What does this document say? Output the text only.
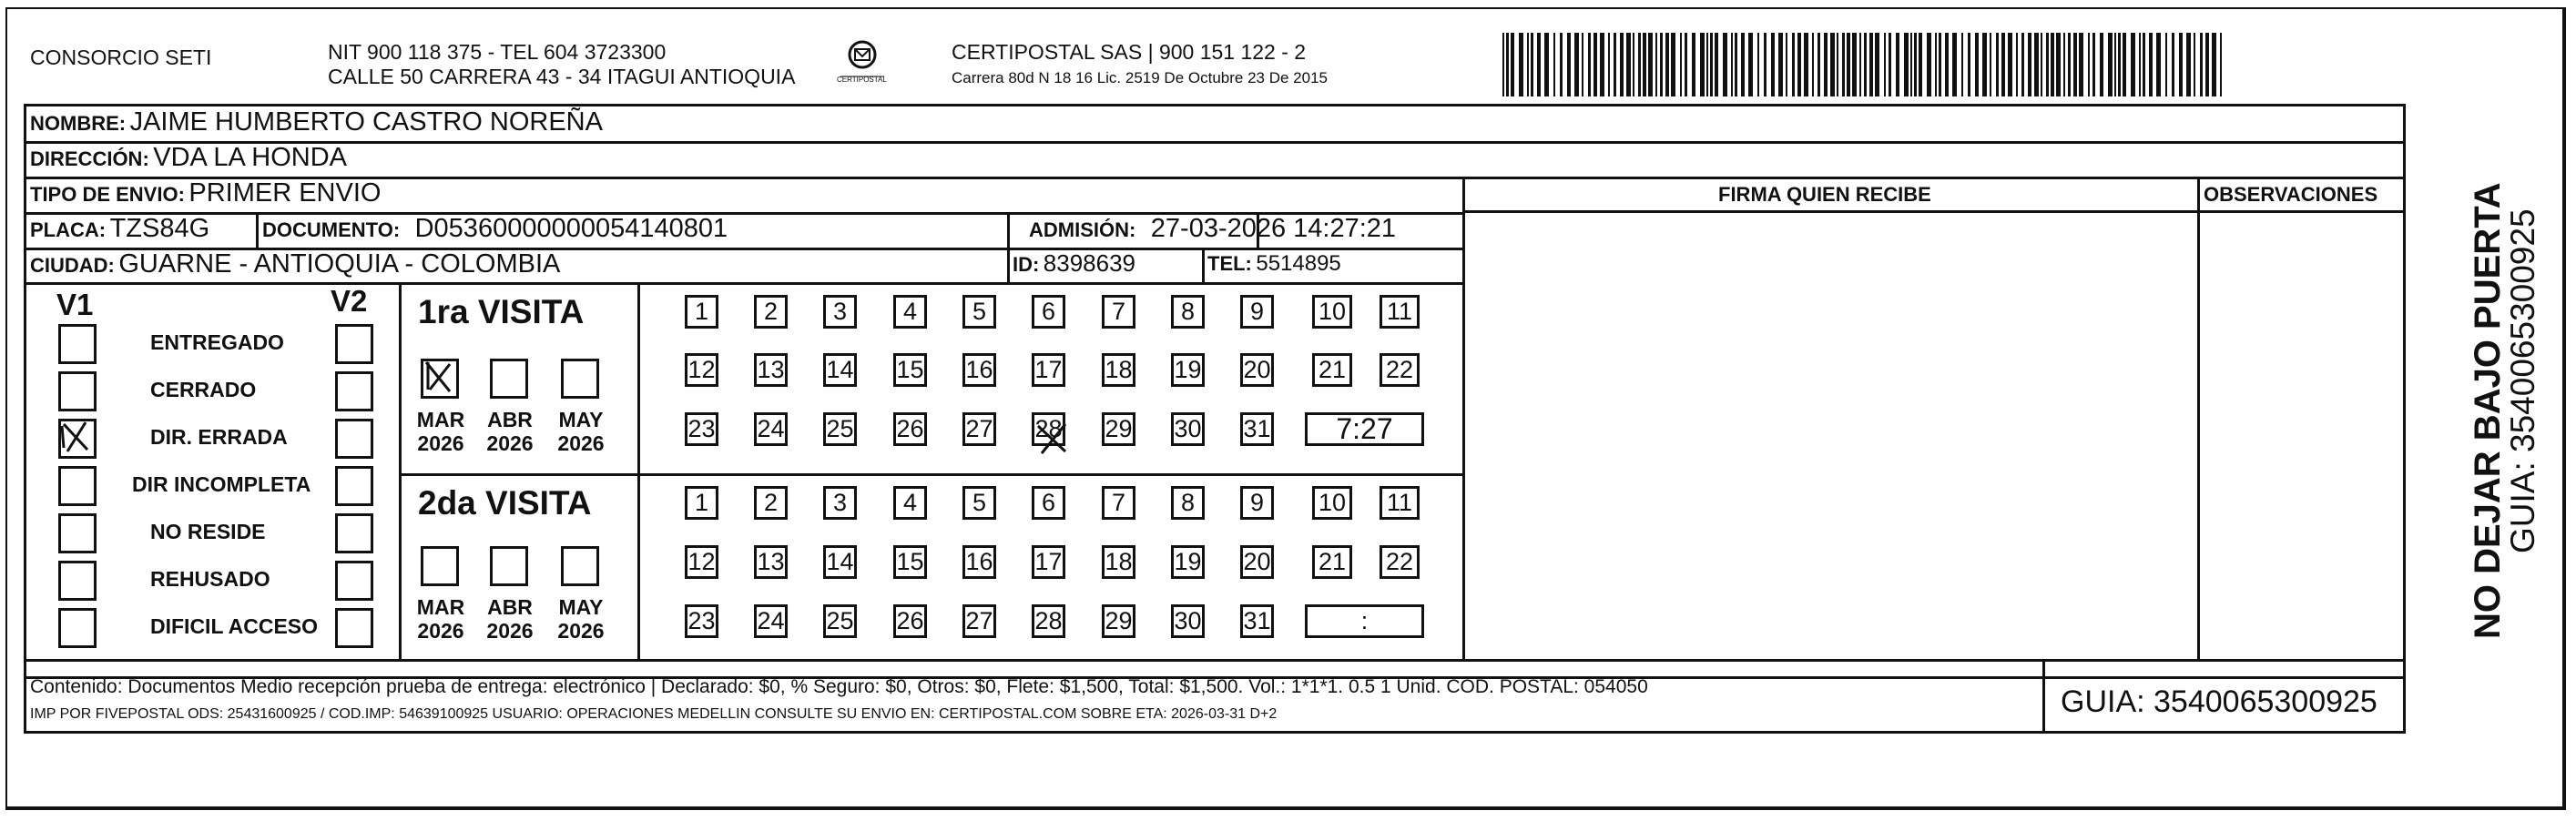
CONSORCIO SETI	NIT 900 118 375 - TEL 604 3723300
CALLE 50 CARRERA 43 - 34 ITAGUI ANTIOQUIA	CERTIPOSTAL
CERTIPOSTAL SAS | 900 151 122 - 2
Carrera 80d N 18 16 Lic. 2519 De Octubre 23 De 2015
NOMBRE: JAIME HUMBERTO CASTRO NOREÑA
DIRECCIÓN: VDA LA HONDA
TIPO DE ENVIO: PRIMER ENVIO
PLACA: TZS84G	DOCUMENTO: D05360000000054140801	ADMISIÓN: 27-03-2026 14:27:21
CIUDAD: GUARNE - ANTIOQUIA - COLOMBIA	ID: 8398639	TEL: 5514895
FIRMA QUIEN RECIBE	OBSERVACIONES
V1	V2
ENTREGADO
CERRADO
DIR. ERRADA
DIR INCOMPLETA
NO RESIDE
REHUSADO
DIFICIL ACCESO
1ra VISITA
2da VISITA
MAR
2026
ABR
2026
MAY
2026
MAR
2026
ABR
2026
MAY
2026
1	2	3	4	5	6	7	8	9	10 11
12 13 14 15 16 17 18 19 20 21 22
23 24 25 26 27 28 29 30 31	7:27
1	2	3	4	5	6	7	8	9	10 11
12 13 14 15 16 17 18 19 20 21 22
23 24 25 26 27 28 29 30 31	:
Contenido: Documentos Medio recepción prueba de entrega: electrónico | Declarado: $0, % Seguro: $0, Otros: $0, Flete: $1,500, Total: $1,500. Vol.: 1*1*1. 0.5 1 Unid. COD. POSTAL: 054050
IMP POR FIVEPOSTAL ODS: 25431600925 / COD.IMP: 54639100925 USUARIO: OPERACIONES MEDELLIN CONSULTE SU ENVIO EN: CERTIPOSTAL.COM SOBRE ETA: 2026-03-31 D+2	GUIA: 3540065300925
NO DEJAR BAJO PUERTA
GUIA: 3540065300925
